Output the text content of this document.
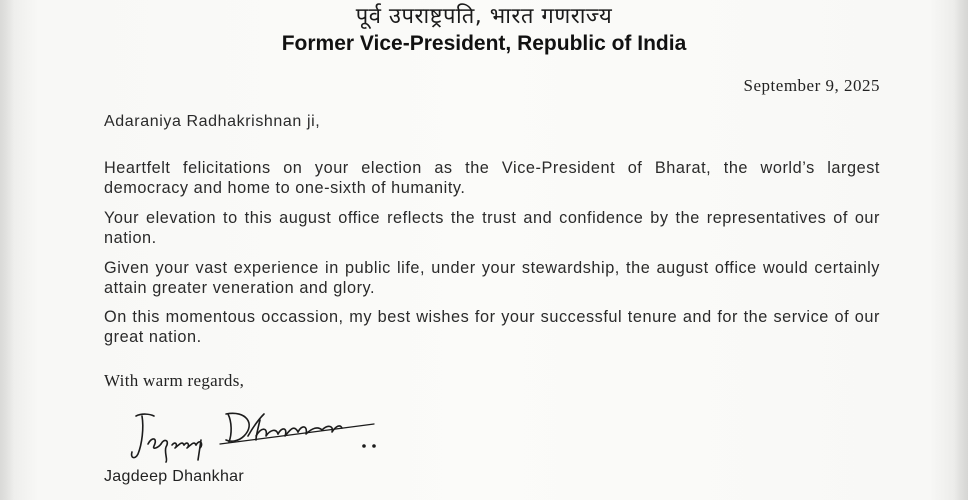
पूर्व उपराष्ट्रपति, भारत गणराज्य
Former Vice-President, Republic of India
September 9, 2025
Adaraniya Radhakrishnan ji,
Heartfelt felicitations on your election as the Vice-President of Bharat, the world’s largest democracy and home to one-sixth of humanity.
Your elevation to this august office reflects the trust and confidence by the representatives of our nation.
Given your vast experience in public life, under your stewardship, the august office would certainly attain greater veneration and glory.
On this momentous occassion, my best wishes for your successful tenure and for the service of our great nation.
With warm regards,
Jagdeep Dhankhar
